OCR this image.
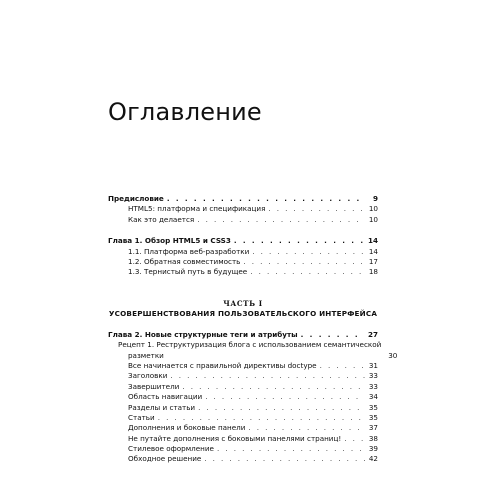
Оглавление
Предисловие . . .	9
HTML5: платформа и спецификация . . .	10
Как это делается . . .	10
Глава 1. Обзор HTML5 и CSS3 . . .	14
1.1. Платформа веб-разработки . . .	14
1.2. Обратная совместимость . . .	17
1.3. Тернистый путь в будущее . . .	18
ЧАСТЬ I
УСОВЕРШЕНСТВОВАНИЯ ПОЛЬЗОВАТЕЛЬСКОГО ИНТЕРФЕЙСА
Глава 2. Новые структурные теги и атрибуты . . .	27
Рецепт 1. Реструктуризация блога с использованием семантической
разметки	30
Все начинается с правильной директивы doctype . . .	31
Заголовки . . .	33
Завершители . . .	33
Область навигации . . .	34
Разделы и статьи . . .	35
Статьи . . .	35
Дополнения и боковые панели . . .	37
Не путайте дополнения с боковыми панелями страниц! . . .	38
Стилевое оформление . . .	39
Обходное решение . . .	42
